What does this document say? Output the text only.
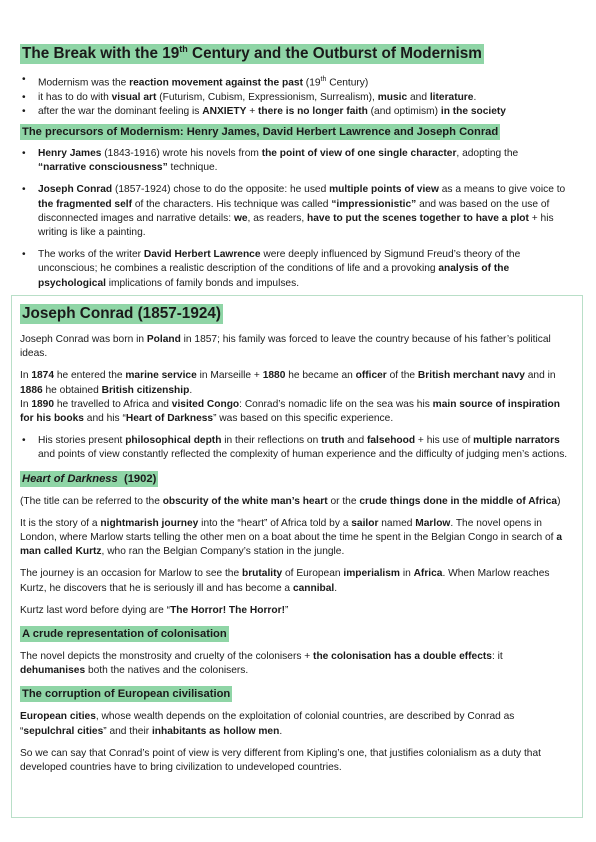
The Break with the 19th Century and the Outburst of Modernism
• Modernism was the reaction movement against the past (19th Century)
• it has to do with visual art (Futurism, Cubism, Expressionism, Surrealism), music and literature.
• after the war the dominant feeling is ANXIETY + there is no longer faith (and optimism) in the society
The precursors of Modernism: Henry James, David Herbert Lawrence and Joseph Conrad
• Henry James (1843-1916) wrote his novels from the point of view of one single character, adopting the “narrative consciousness” technique.
• Joseph Conrad (1857-1924) chose to do the opposite: he used multiple points of view as a means to give voice to the fragmented self of the characters. His technique was called “impressionistic” and was based on the use of disconnected images and narrative details: we, as readers, have to put the scenes together to have a plot + his writing is like a painting.
• The works of the writer David Herbert Lawrence were deeply influenced by Sigmund Freud’s theory of the unconscious; he combines a realistic description of the conditions of life and a provoking analysis of the psychological implications of family bonds and impulses.
Joseph Conrad (1857-1924)

Joseph Conrad was born in Poland in 1857; his family was forced to leave the country because of his father’s political ideas.

In 1874 he entered the marine service in Marseille + 1880 he became an officer of the British merchant navy and in 1886 he obtained British citizenship.
In 1890 he travelled to Africa and visited Congo: Conrad’s nomadic life on the sea was his main source of inspiration for his books and his “Heart of Darkness” was based on this specific experience.

• His stories present philosophical depth in their reflections on truth and falsehood + his use of multiple narrators and points of view constantly reflected the complexity of human experience and the difficulty of judging men’s actions.
Heart of Darkness (1902)

(The title can be referred to the obscurity of the white man’s heart or the crude things done in the middle of Africa)

It is the story of a nightmarish journey into the “heart” of Africa told by a sailor named Marlow. The novel opens in London, where Marlow starts telling the other men on a boat about the time he spent in the Belgian Congo in search of a man called Kurtz, who ran the Belgian Company’s station in the jungle.

The journey is an occasion for Marlow to see the brutality of European imperialism in Africa. When Marlow reaches Kurtz, he discovers that he is seriously ill and has become a cannibal.

Kurtz last word before dying are “The Horror! The Horror!”

A crude representation of colonisation

The novel depicts the monstrosity and cruelty of the colonisers + the colonisation has a double effects: it dehumanises both the natives and the colonisers.

The corruption of European civilisation

European cities, whose wealth depends on the exploitation of colonial countries, are described by Conrad as “sepulchral cities” and their inhabitants as hollow men.

So we can say that Conrad’s point of view is very different from Kipling’s one, that justifies colonialism as a duty that developed countries have to bring civilization to undeveloped countries.
